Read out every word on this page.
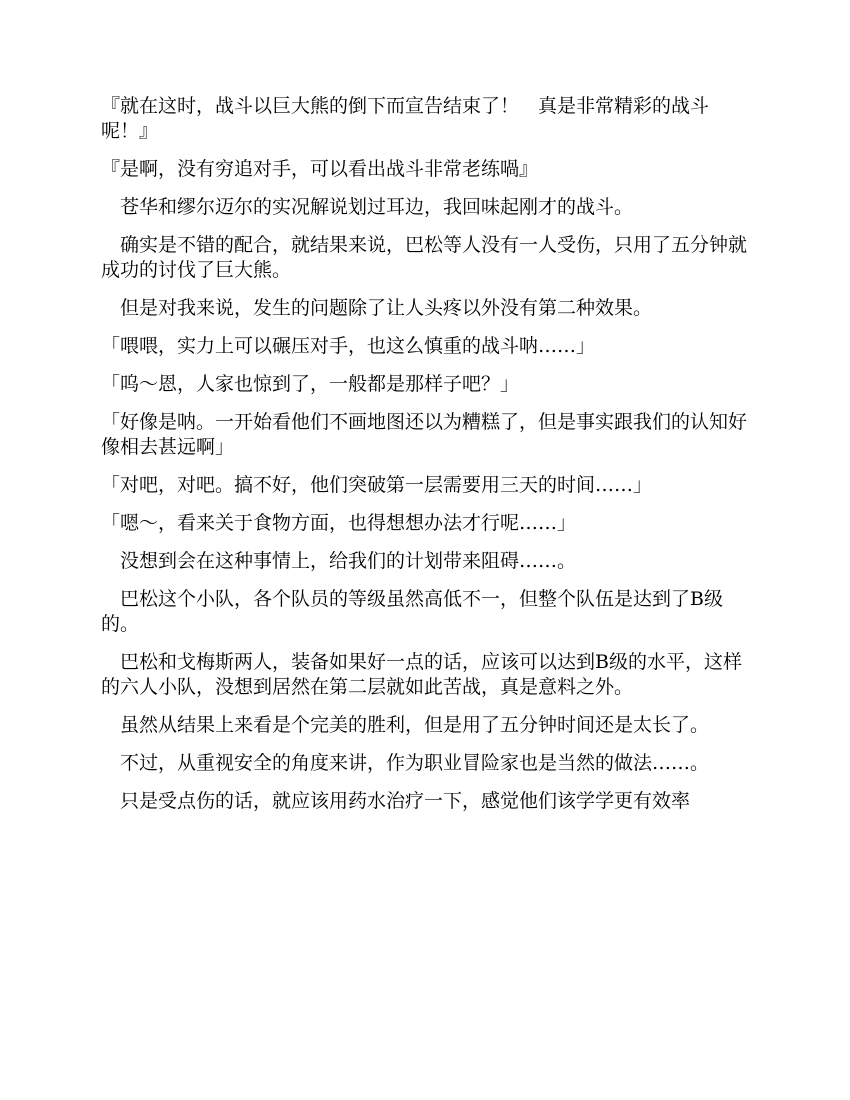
『就在这时，战斗以巨大熊的倒下而宣告结束了！　真是非常精彩的战斗呢！』

『是啊，没有穷追对手，可以看出战斗非常老练喎』

苍华和缪尔迈尔的实况解说划过耳边，我回味起刚才的战斗。

确实是不错的配合，就结果来说，巴松等人没有一人受伤，只用了五分钟就成功的讨伐了巨大熊。

但是对我来说，发生的问题除了让人头疼以外没有第二种效果。

「喂喂，实力上可以碾压对手，也这么慎重的战斗呐……」

「呜～恩，人家也惊到了，一般都是那样子吧？」

「好像是呐。一开始看他们不画地图还以为糟糕了，但是事实跟我们的认知好像相去甚远啊」

「对吧，对吧。搞不好，他们突破第一层需要用三天的时间……」

「嗯～，看来关于食物方面，也得想想办法才行呢……」

没想到会在这种事情上，给我们的计划带来阻碍……。

巴松这个小队，各个队员的等级虽然高低不一，但整个队伍是达到了B级的。

巴松和戈梅斯两人，装备如果好一点的话，应该可以达到B级的水平，这样的六人小队，没想到居然在第二层就如此苦战，真是意料之外。

虽然从结果上来看是个完美的胜利，但是用了五分钟时间还是太长了。

不过，从重视安全的角度来讲，作为职业冒险家也是当然的做法……。

只是受点伤的话，就应该用药水治疗一下，感觉他们该学学更有效率
